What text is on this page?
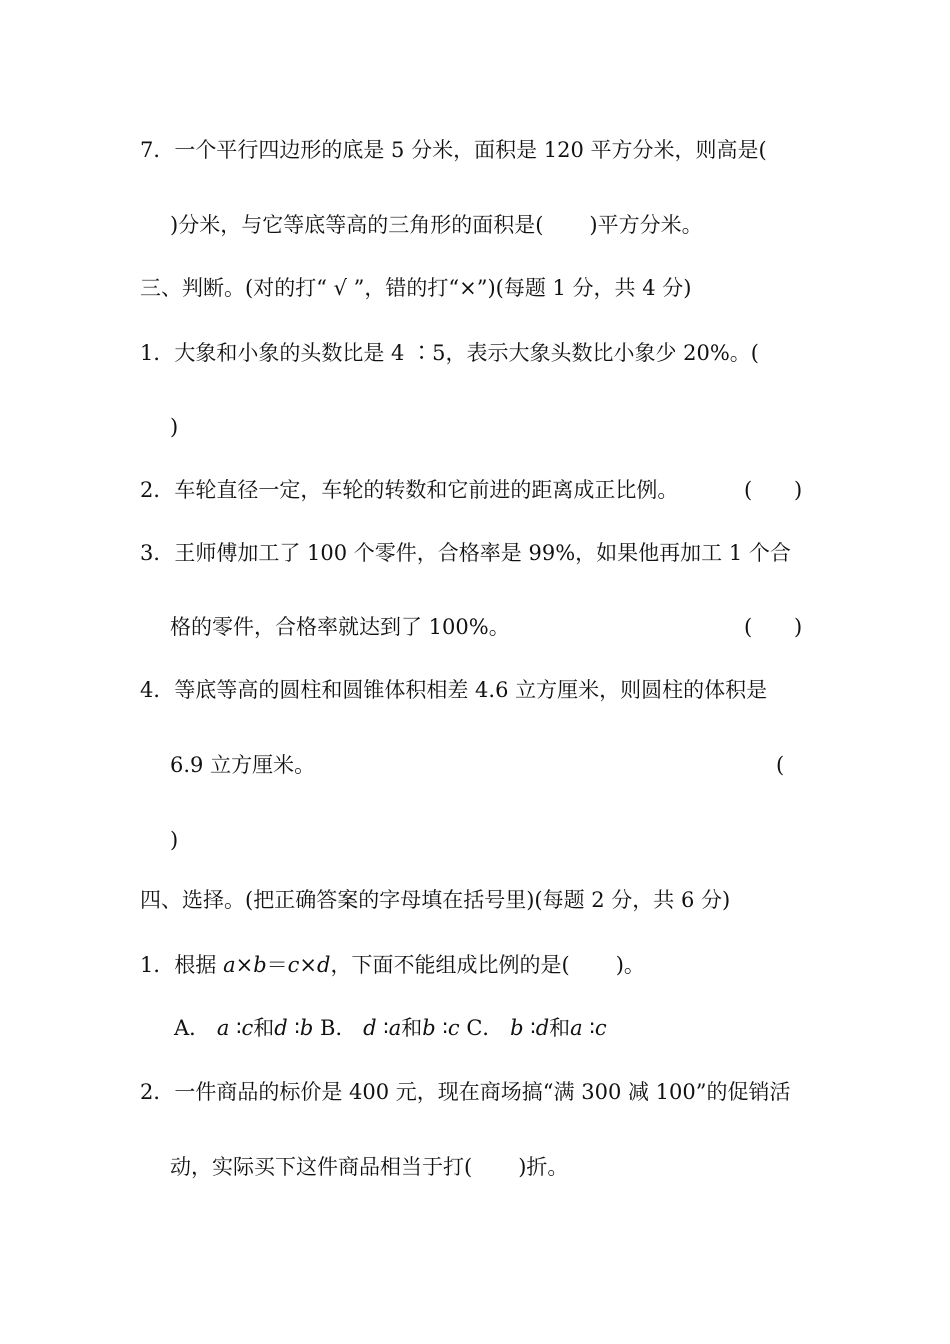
7．一个平行四边形的底是 5 分米，面积是 120 平方分米，则高是(
)分米，与它等底等高的三角形的面积是( )平方分米。
三、判断。(对的打“ √ ”，错的打“×”)(每题 1 分，共 4 分)
1．大象和小象的头数比是 4 ∶5，表示大象头数比小象少 20%。(
)
2．车轮直径一定，车轮的转数和它前进的距离成正比例。	( )
3．王师傅加工了 100 个零件，合格率是 99%，如果他再加工 1 个合
格的零件，合格率就达到了 100%。	( )
4．等底等高的圆柱和圆锥体积相差 4.6 立方厘米，则圆柱的体积是
6.9 立方厘米。	(
)
四、选择。(把正确答案的字母填在括号里)(每题 2 分，共 6 分)
1．根据 a×b＝c×d，下面不能组成比例的是( )。
A． a ∶c和d ∶b B． d ∶a和b ∶c C． b ∶d和a ∶c
2．一件商品的标价是 400 元，现在商场搞“满 300 减 100”的促销活
动，实际买下这件商品相当于打( )折。
